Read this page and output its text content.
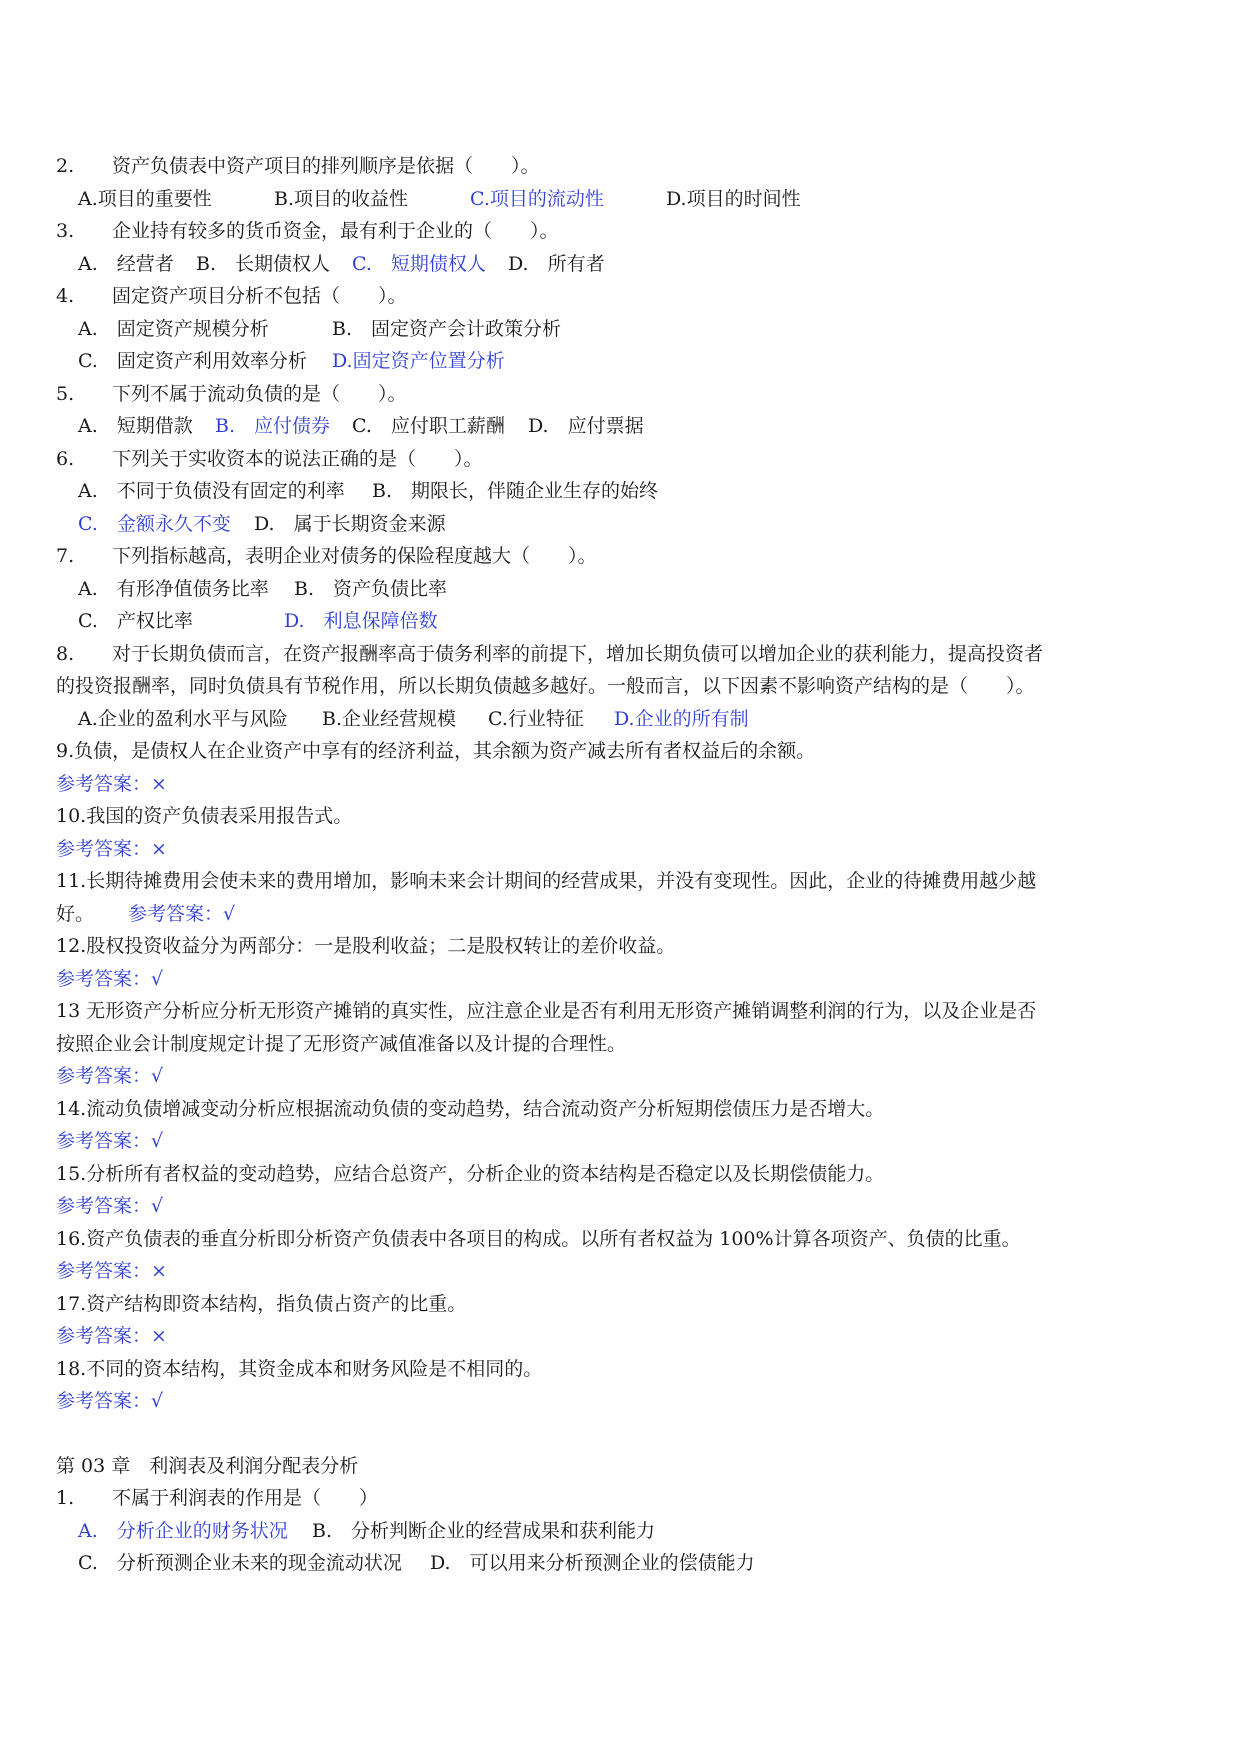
2. 资产负债表中资产项目的排列顺序是依据（　　）。
A.项目的重要性	B.项目的收益性	C.项目的流动性	D.项目的时间性
3. 企业持有较多的货币资金，最有利于企业的（　　）。
A.　经营者 B.　长期债权人 C.　短期债权人 D.　所有者
4. 固定资产项目分析不包括（　　）。
A.　固定资产规模分析	B.　固定资产会计政策分析
C.　固定资产利用效率分析 D.固定资产位置分析
5. 下列不属于流动负债的是（　　）。
A.　短期借款 B.　应付债券 C.　应付职工薪酬 D.　应付票据
6. 下列关于实收资本的说法正确的是（　　）。
A.　不同于负债没有固定的利率 B.　期限长，伴随企业生存的始终
C.　金额永久不变 D.　属于长期资金来源
7. 下列指标越高，表明企业对债务的保险程度越大（　　）。
A.　有形净值债务比率 B.　资产负债比率
C.　产权比率	D.　利息保障倍数
8. 对于长期负债而言，在资产报酬率高于债务利率的前提下，增加长期负债可以增加企业的获利能力，提高投资者
的投资报酬率，同时负债具有节税作用，所以长期负债越多越好。一般而言，以下因素不影响资产结构的是（　　）。
A.企业的盈利水平与风险 B.企业经营规模 C.行业特征 D.企业的所有制
9.负债，是债权人在企业资产中享有的经济利益，其余额为资产减去所有者权益后的余额。
参考答案：×
10.我国的资产负债表采用报告式。
参考答案：×
11.长期待摊费用会使未来的费用增加，影响未来会计期间的经营成果，并没有变现性。因此，企业的待摊费用越少越
好。 参考答案：√
12.股权投资收益分为两部分：一是股利收益；二是股权转让的差价收益。
参考答案：√
13 无形资产分析应分析无形资产摊销的真实性，应注意企业是否有利用无形资产摊销调整利润的行为，以及企业是否
按照企业会计制度规定计提了无形资产减值准备以及计提的合理性。
参考答案：√
14.流动负债增减变动分析应根据流动负债的变动趋势，结合流动资产分析短期偿债压力是否增大。
参考答案：√
15.分析所有者权益的变动趋势，应结合总资产，分析企业的资本结构是否稳定以及长期偿债能力。
参考答案：√
16.资产负债表的垂直分析即分析资产负债表中各项目的构成。以所有者权益为 100%计算各项资产、负债的比重。
参考答案：×
17.资产结构即资本结构，指负债占资产的比重。
参考答案：×
18.不同的资本结构，其资金成本和财务风险是不相同的。
参考答案：√
第 03 章　利润表及利润分配表分析
1. 不属于利润表的作用是（　　）
A.　分析企业的财务状况 B.　分析判断企业的经营成果和获利能力
C.　分析预测企业未来的现金流动状况 D.　可以用来分析预测企业的偿债能力
